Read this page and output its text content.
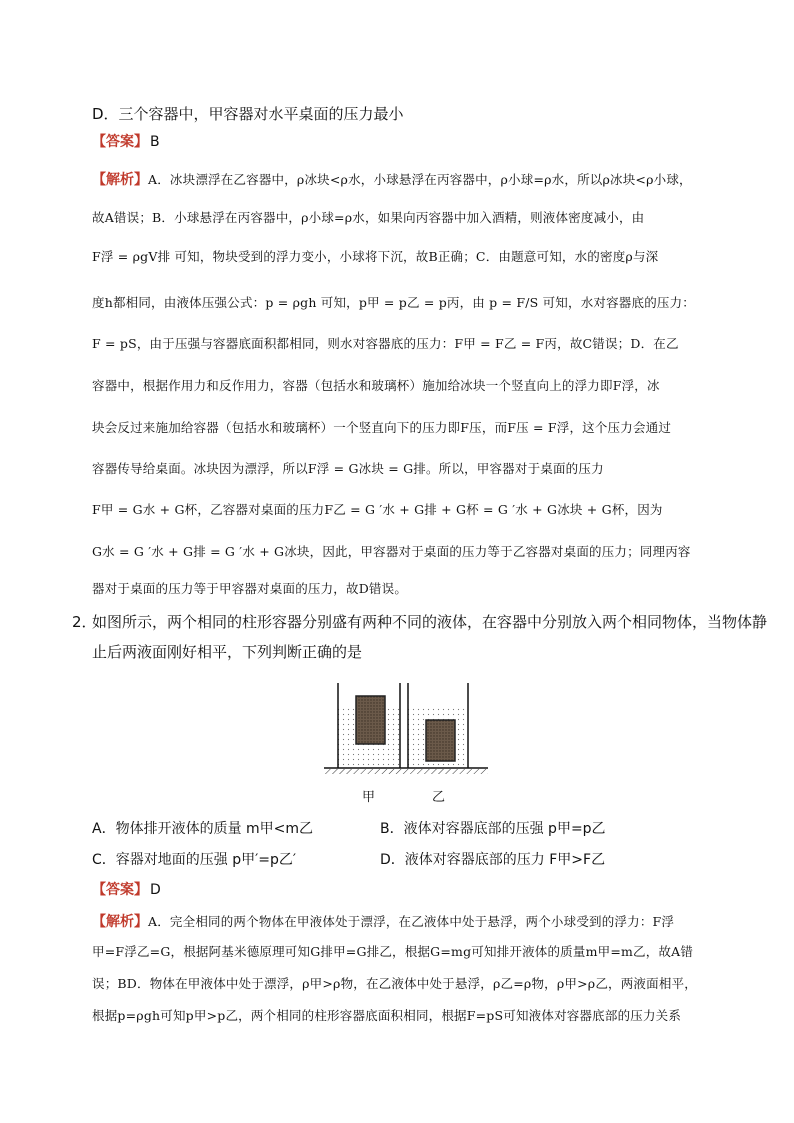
D．三个容器中，甲容器对水平桌面的压力最小
【答案】 B
【解析】A．冰块漂浮在乙容器中，ρ冰块<ρ水，小球悬浮在丙容器中，ρ小球=ρ水，所以ρ冰块<ρ小球，
故A错误；B．小球悬浮在丙容器中，ρ小球=ρ水，如果向丙容器中加入酒精，则液体密度减小，由
F浮 = ρgV排 可知，物块受到的浮力变小，小球将下沉，故B正确；C．由题意可知，水的密度ρ与深
度h都相同，由液体压强公式：p = ρgh 可知，p甲 = p乙 = p丙，由 p = F/S 可知，水对容器底的压力：
F = pS，由于压强与容器底面积都相同，则水对容器底的压力：F甲 = F乙 = F丙，故C错误；D．在乙
容器中，根据作用力和反作用力，容器（包括水和玻璃杯）施加给冰块一个竖直向上的浮力即F浮，冰
块会反过来施加给容器（包括水和玻璃杯）一个竖直向下的压力即F压，而F压 = F浮，这个压力会通过
容器传导给桌面。冰块因为漂浮，所以F浮 = G冰块 = G排。所以，甲容器对于桌面的压力
F甲 = G水 + G杯，乙容器对桌面的压力F乙 = G ′水 + G排 + G杯 = G ′水 + G冰块 + G杯，因为
G水 = G ′水 + G排 = G ′水 + G冰块，因此，甲容器对于桌面的压力等于乙容器对桌面的压力；同理丙容
器对于桌面的压力等于甲容器对桌面的压力，故D错误。
2．
如图所示，两个相同的柱形容器分别盛有两种不同的液体，在容器中分别放入两个相同物体，当物体静
止后两液面刚好相平，下列判断正确的是
甲	乙
A．物体排开液体的质量 m甲<m乙	B．液体对容器底部的压强 p甲=p乙
C．容器对地面的压强 p甲′=p乙′	D．液体对容器底部的压力 F甲>F乙
【答案】 D
【解析】A．完全相同的两个物体在甲液体处于漂浮，在乙液体中处于悬浮，两个小球受到的浮力：F浮
甲=F浮乙=G，根据阿基米德原理可知G排甲=G排乙，根据G=mg可知排开液体的质量m甲=m乙，故A错
误；BD．物体在甲液体中处于漂浮，ρ甲>ρ物，在乙液体中处于悬浮，ρ乙=ρ物，ρ甲>ρ乙，两液面相平，
根据p=ρgh可知p甲>p乙，两个相同的柱形容器底面积相同，根据F=pS可知液体对容器底部的压力关系
